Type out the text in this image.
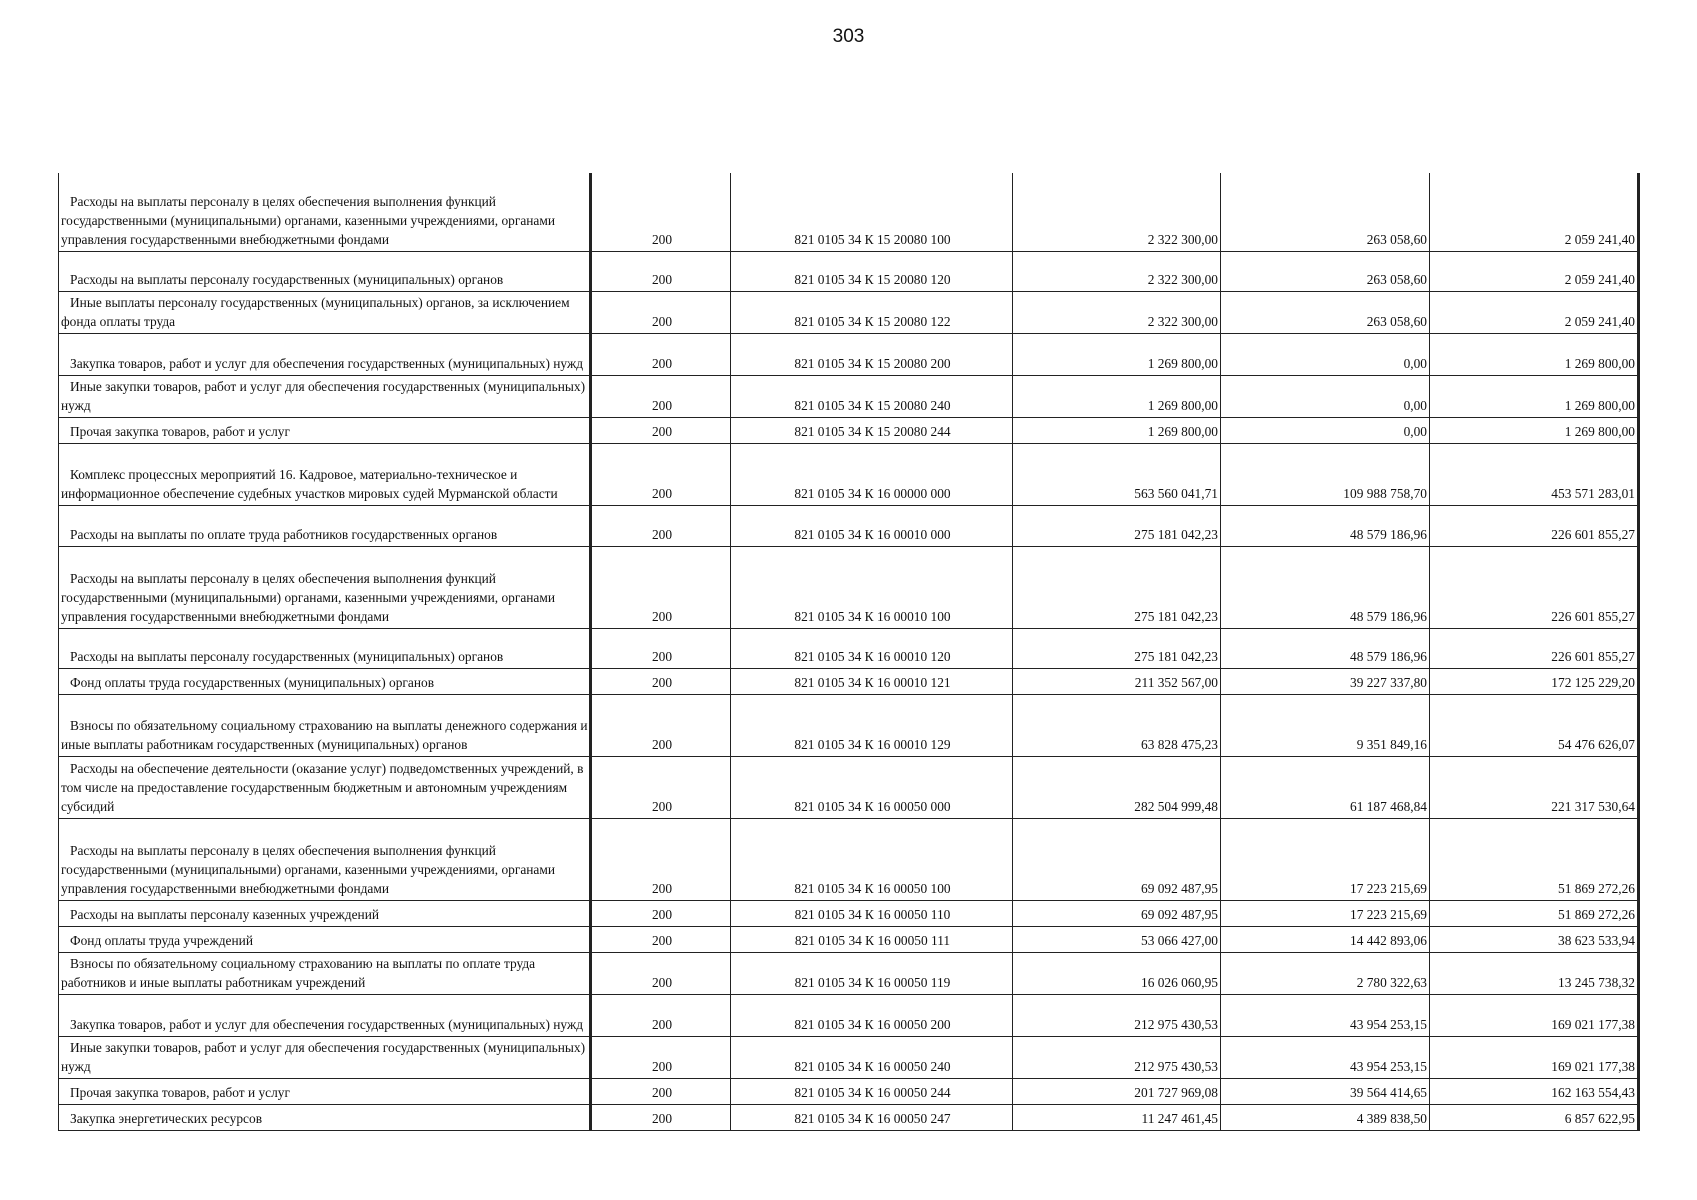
303
Расходы на выплаты персоналу в целях обеспечения выполнения функций государственными (муниципальными) органами, казенными учреждениями, органами управления государственными внебюджетными фондами	200	821 0105 34 К 15 20080 100	2 322 300,00	263 058,60	2 059 241,40

Расходы на выплаты персоналу государственных (муниципальных) органов	200	821 0105 34 К 15 20080 120	2 322 300,00	263 058,60	2 059 241,40

Иные выплаты персоналу государственных (муниципальных) органов, за исключением фонда оплаты труда	200	821 0105 34 К 15 20080 122	2 322 300,00	263 058,60	2 059 241,40

Закупка товаров, работ и услуг для обеспечения государственных (муниципальных) нужд	200	821 0105 34 К 15 20080 200	1 269 800,00	0,00	1 269 800,00

Иные закупки товаров, работ и услуг для обеспечения государственных (муниципальных) нужд	200	821 0105 34 К 15 20080 240	1 269 800,00	0,00	1 269 800,00

Прочая закупка товаров, работ и услуг	200	821 0105 34 К 15 20080 244	1 269 800,00	0,00	1 269 800,00

Комплекс процессных мероприятий 16. Кадровое, материально-техническое и информационное обеспечение судебных участков мировых судей Мурманской области	200	821 0105 34 К 16 00000 000	563 560 041,71	109 988 758,70	453 571 283,01

Расходы на выплаты по оплате труда работников государственных органов	200	821 0105 34 К 16 00010 000	275 181 042,23	48 579 186,96	226 601 855,27

Расходы на выплаты персоналу в целях обеспечения выполнения функций государственными (муниципальными) органами, казенными учреждениями, органами управления государственными внебюджетными фондами	200	821 0105 34 К 16 00010 100	275 181 042,23	48 579 186,96	226 601 855,27

Расходы на выплаты персоналу государственных (муниципальных) органов	200	821 0105 34 К 16 00010 120	275 181 042,23	48 579 186,96	226 601 855,27

Фонд оплаты труда государственных (муниципальных) органов	200	821 0105 34 К 16 00010 121	211 352 567,00	39 227 337,80	172 125 229,20

Взносы по обязательному социальному страхованию на выплаты денежного содержания и иные выплаты работникам государственных (муниципальных) органов	200	821 0105 34 К 16 00010 129	63 828 475,23	9 351 849,16	54 476 626,07

Расходы на обеспечение деятельности (оказание услуг) подведомственных учреждений, в том числе на предоставление государственным бюджетным и автономным учреждениям субсидий	200	821 0105 34 К 16 00050 000	282 504 999,48	61 187 468,84	221 317 530,64

Расходы на выплаты персоналу в целях обеспечения выполнения функций государственными (муниципальными) органами, казенными учреждениями, органами управления государственными внебюджетными фондами	200	821 0105 34 К 16 00050 100	69 092 487,95	17 223 215,69	51 869 272,26

Расходы на выплаты персоналу казенных учреждений	200	821 0105 34 К 16 00050 110	69 092 487,95	17 223 215,69	51 869 272,26

Фонд оплаты труда учреждений	200	821 0105 34 К 16 00050 111	53 066 427,00	14 442 893,06	38 623 533,94

Взносы по обязательному социальному страхованию на выплаты по оплате труда работников и иные выплаты работникам учреждений	200	821 0105 34 К 16 00050 119	16 026 060,95	2 780 322,63	13 245 738,32

Закупка товаров, работ и услуг для обеспечения государственных (муниципальных) нужд	200	821 0105 34 К 16 00050 200	212 975 430,53	43 954 253,15	169 021 177,38

Иные закупки товаров, работ и услуг для обеспечения государственных (муниципальных) нужд	200	821 0105 34 К 16 00050 240	212 975 430,53	43 954 253,15	169 021 177,38

Прочая закупка товаров, работ и услуг	200	821 0105 34 К 16 00050 244	201 727 969,08	39 564 414,65	162 163 554,43

Закупка энергетических ресурсов	200	821 0105 34 К 16 00050 247	11 247 461,45	4 389 838,50	6 857 622,95
